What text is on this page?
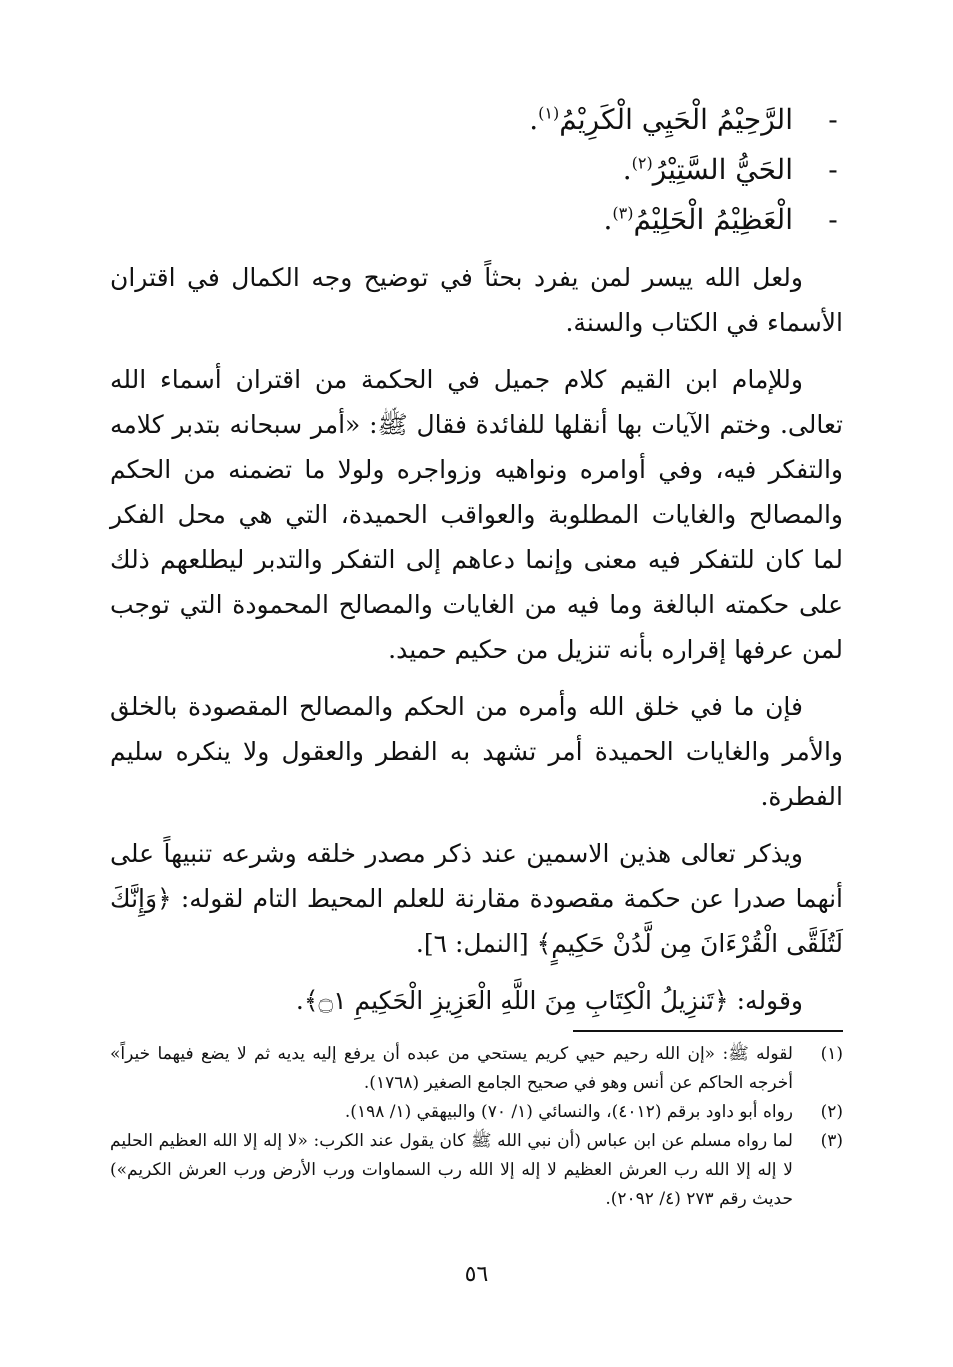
-
الرَّحِيْمُ الْحَيِي الْكَرِيْمُ$^{(١)}$.
-
الحَيُّ السَّتِيْرُ$^{(٢)}$.
-
الْعَظِيْمُ الْحَلِيْمُ$^{(٣)}$.

ولعل الله ييسر لمن يفرد بحثاً في توضيح وجه الكمال في اقتران الأسماء في الكتاب والسنة.

وللإمام ابن القيم كلام جميل في الحكمة من اقتران أسماء الله تعالى. وختم الآيات بها أنقلها للفائدة فقال ﷺ: «أمر سبحانه بتدبر كلامه والتفكر فيه، وفي أوامره ونواهيه وزواجره ولولا ما تضمنه من الحكم والمصالح والغايات المطلوبة والعواقب الحميدة، التي هي محل الفكر لما كان للتفكر فيه معنى وإنما دعاهم إلى التفكر والتدبر ليطلعهم ذلك على حكمته البالغة وما فيه من الغايات والمصالح المحمودة التي توجب لمن عرفها إقراره بأنه تنزيل من حكيم حميد.

فإن ما في خلق الله وأمره من الحكم والمصالح المقصودة بالخلق والأمر والغايات الحميدة أمر تشهد به الفطر والعقول ولا ينكره سليم الفطرة.

ويذكر تعالى هذين الاسمين عند ذكر مصدر خلقه وشرعه تنبيهاً على أنهما صدرا عن حكمة مقصودة مقارنة للعلم المحيط التام لقوله: ﴿وَإِنَّكَ لَتُلَقَّى الْقُرْءَانَ مِن لَّدُنْ حَكِيمٍ﴾ [النمل: ٦].

وقوله: ﴿تَنزِيلُ الْكِتَابِ مِنَ اللَّهِ الْعَزِيزِ الْحَكِيمِ ۝١﴾.

(١)
لقوله ﷺ: «إن الله رحيم حيي كريم يستحي من عبده أن يرفع إليه يديه ثم لا يضع فيهما خيراً» أخرجه الحاكم عن أنس وهو في صحيح الجامع الصغير (١٧٦٨).
(٢)
رواه أبو داود برقم (٤٠١٢)، والنسائي (١/ ٧٠) والبيهقي (١/ ١٩٨).
(٣)
لما رواه مسلم عن ابن عباس (أن نبي الله ﷺ كان يقول عند الكرب: «لا إله إلا الله العظيم الحليم لا إله إلا الله رب العرش العظيم لا إله إلا الله رب السماوات ورب الأرض ورب العرش الكريم») حديث رقم ٢٧٣ (٤/ ٢٠٩٢).
٥٦
